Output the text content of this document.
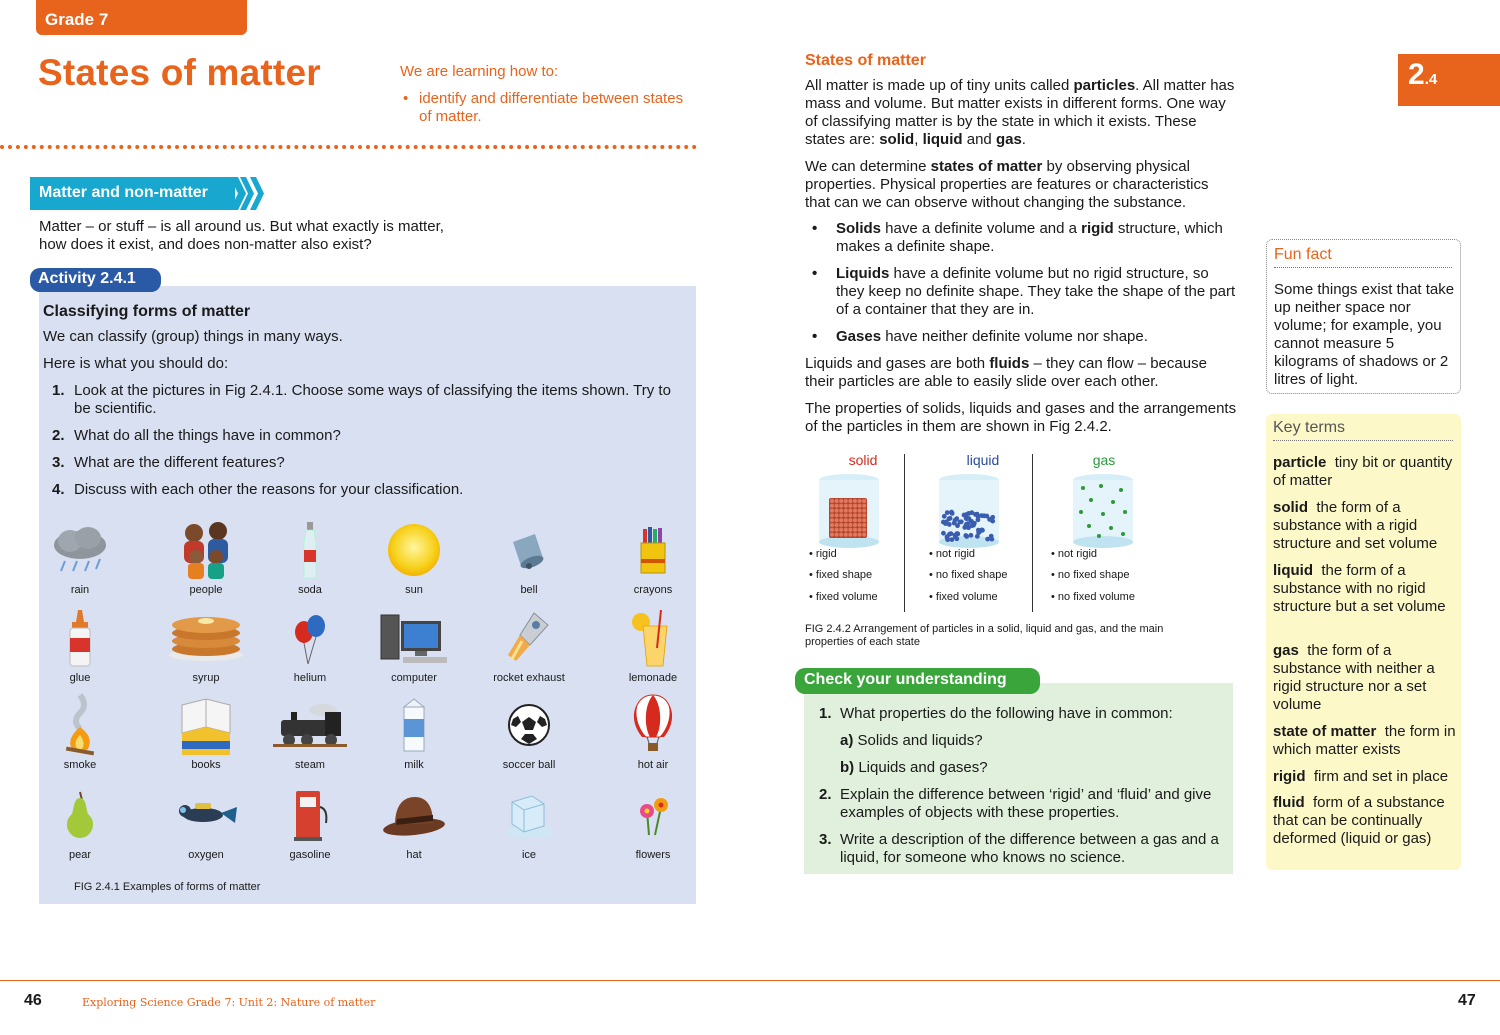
Grade 7
States of matter	We are learning how to:
• identify and differentiate between states of matter.
Matter and non-matter

Matter – or stuff – is all around us. But what exactly is matter, how does it exist, and does non-matter also exist?

Activity 2.4.1
Classifying forms of matter
We can classify (group) things in many ways.
Here is what you should do:
1. Look at the pictures in Fig 2.4.1. Choose some ways of classifying the items shown. Try to be scientific.
2. What do all the things have in common?
3. What are the different features?
4. Discuss with each other the reasons for your classification.
rain	people	soda	sun	bell	crayons
glue	syrup	helium	computer	rocket exhaust	lemonade
smoke	books	steam	milk	soccer ball	hot air
pear	oxygen	gasoline	hat	ice	flowers
FIG 2.4.1 Examples of forms of matter
States of matter

All matter is made up of tiny units called particles. All matter has mass and volume. But matter exists in different forms. One way of classifying matter is by the state in which it exists. These states are: solid, liquid and gas.

We can determine states of matter by observing physical properties. Physical properties are features or characteristics that can we can observe without changing the substance.

• Solids have a definite volume and a rigid structure, which makes a definite shape.

• Liquids have a definite volume but no rigid structure, so they keep no definite shape. They take the shape of the part of a container that they are in.

• Gases have neither definite volume nor shape.

Liquids and gases are both fluids – they can flow – because their particles are able to easily slide over each other.

The properties of solids, liquids and gases and the arrangements of the particles in them are shown in Fig 2.4.2.

2.4
solid
• rigid
• fixed shape
• fixed volume
liquid
• not rigid
• no fixed shape
• fixed volume
gas
• not rigid
• no fixed shape
• no fixed volume
FIG 2.4.2 Arrangement of particles in a solid, liquid and gas, and the main properties of each state
Check your understanding
1. What properties do the following have in common:
a) Solids and liquids?
b) Liquids and gases?
2. Explain the difference between ‘rigid’ and ‘fluid’ and give examples of objects with these properties.
3. Write a description of the difference between a gas and a liquid, for someone who knows no science.
Fun fact

Some things exist that take up neither space nor volume; for example, you cannot measure 5 kilograms of shadows or 2 litres of light.

Key terms

particle  tiny bit or quantity of matter

solid  the form of a substance with a rigid structure and set volume

liquid  the form of a substance with no rigid structure but a set volume

gas  the form of a substance with neither a rigid structure nor a set volume

state of matter  the form in which matter exists

rigid  firm and set in place

fluid  form of a substance that can be continually deformed (liquid or gas)

46	Exploring Science Grade 7: Unit 2: Nature of matter	47
